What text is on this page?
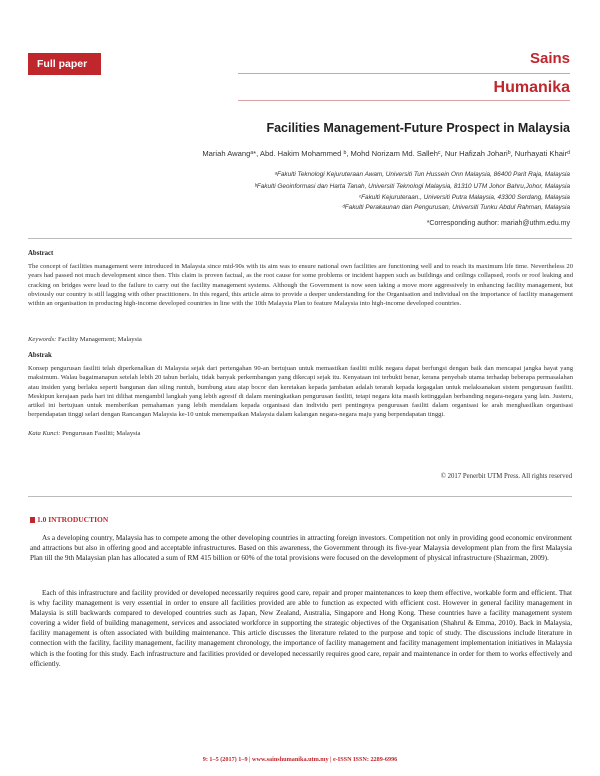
Full paper	Sains
Humanika
Facilities Management-Future Prospect in Malaysia
Mariah Awangᵃ*, Abd. Hakim Mohammed ᵇ, Mohd Norizam Md. Sallehᶜ, Nur Hafizah Johariᵇ, Nurhayati Khairᵈ
ᵃFakulti Teknologi Kejuruteraan Awam, Universiti Tun Hussein Onn Malaysia, 86400 Parit Raja, Malaysia
ᵇFakulti Geoinformasi dan Harta Tanah, Universiti Teknologi Malaysia, 81310 UTM Johor Bahru,Johor, Malaysia
ᶜFakulti Kejuruteraan., Universiti Putra Malaysia, 43300 Serdang, Malaysia
ᵈFakulti Perakaunan dan Pengurusan, Universiti Tunku Abdul Rahman, Malaysia
*Corresponding author: mariah@uthm.edu.my
Abstract
The concept of facilities management were introduced in Malaysia since mid-90s with its aim was to ensure national own facilities are functioning well and to reach its maximum life time. Nevertheless 20 years had passed not much development since then. This claim is proven factual, as the root cause for some problems or incident happen such as buildings and ceilings collapsed, roofs or roof leaking and cracking on bridges were lead to the failure to carry out the facility management systems. Although the Government is now seen taking a move more aggressively in enhancing facility management, but obviously our country is still lagging with other practitioners. In this regard, this article aims to provide a deeper understanding for the Organisation and individual on the importance of facility management within an organisation in producing high-income developed countries in line with the 10th Malaysia Plan to feature Malaysia into high-income developed countries.
Keywords: Facility Management; Malaysia
Abstrak
Konsep pengurusan fasiliti telah diperkenalkan di Malaysia sejak dari pertengahan 90-an bertujuan untuk memastikan fasiliti milik negara dapat berfungsi dengan baik dan mencapai jangka hayat yang maksimum. Walau bagaimanapun setelah lebih 20 tahun berlalu, tidak banyak perkembangan yang dikecapi sejak itu. Kenyataan ini terbukti benar, kerana penyebab utama terhadap beberapa permasalahan atau insiden yang berlaku seperti bangunan dan siling runtuh, bumbung atau atap bocor dan keretakan kepada jambatan adalah terarah kepada kegagalan untuk melaksanakan sistem pengurusan fasiliti. Meskipun kerajaan pada hari ini dilihat mengambil langkah yang lebih agresif di dalam meningkatkan pengurusan fasiliti, tetapi negara kita masih ketinggalan berbanding negara-negara yang lain. Justeru, artikel ini bertujuan untuk memberikan pemahaman yang lebih mendalam kepada organisasi dan individu peri pentingnya pengurusan fasiliti dalam organisasi ke arah menghasilkan organisasi berpendapatan tinggi selari dengan Rancangan Malaysia ke-10 untuk menempatkan Malaysia dalam kalangan negara-negara maju yang berpendapatan tinggi.
Kata Kunci: Pengurusan Fasiliti; Malaysia
© 2017 Penerbit UTM Press. All rights reserved
1.0 INTRODUCTION
As a developing country, Malaysia has to compete among the other developing countries in attracting foreign investors. Competition not only in providing good economic environment and attractions but also in offering good and acceptable infrastructures. Based on this awareness, the Government through its five-year Malaysia development plan from the first Malaysia Plan till the 9th Malaysian plan has allocated a sum of RM 415 billion or 60% of the total provisions were focused on the development of physical infrastructure (Shazirman, 2009).
Each of this infrastructure and facility provided or developed necessarily requires good care, repair and proper maintenances to keep them effective, workable form and efficient. That is why facility management is very essential in order to ensure all facilities provided are able to function as expected with efficient cost. However in general facility management in Malaysia is still backwards compared to developed countries such as Japan, New Zealand, Australia, Singapore and Hong Kong. These countries have a facility management system covering a wider field of building management, services and associated workforce in supporting the strategic objectives of the Organisation (Shahrul & Emma, 2010). Back in Malaysia, facility management is often associated with building maintenance. This article discusses the literature related to the purpose and topic of study. The discussions include literature in connection with the facility, facility management, facility management chronology, the importance of facility management and facility management implementation initiatives in Malaysia which is the footing for this study. Each infrastructure and facilities provided or developed necessarily requires good care, repair and maintenance in order for them to works effectively and efficiently.
9: 1–5 (2017) 1–9 | www.sainshumanika.utm.my | e-ISSN ISSN: 2289-6996
